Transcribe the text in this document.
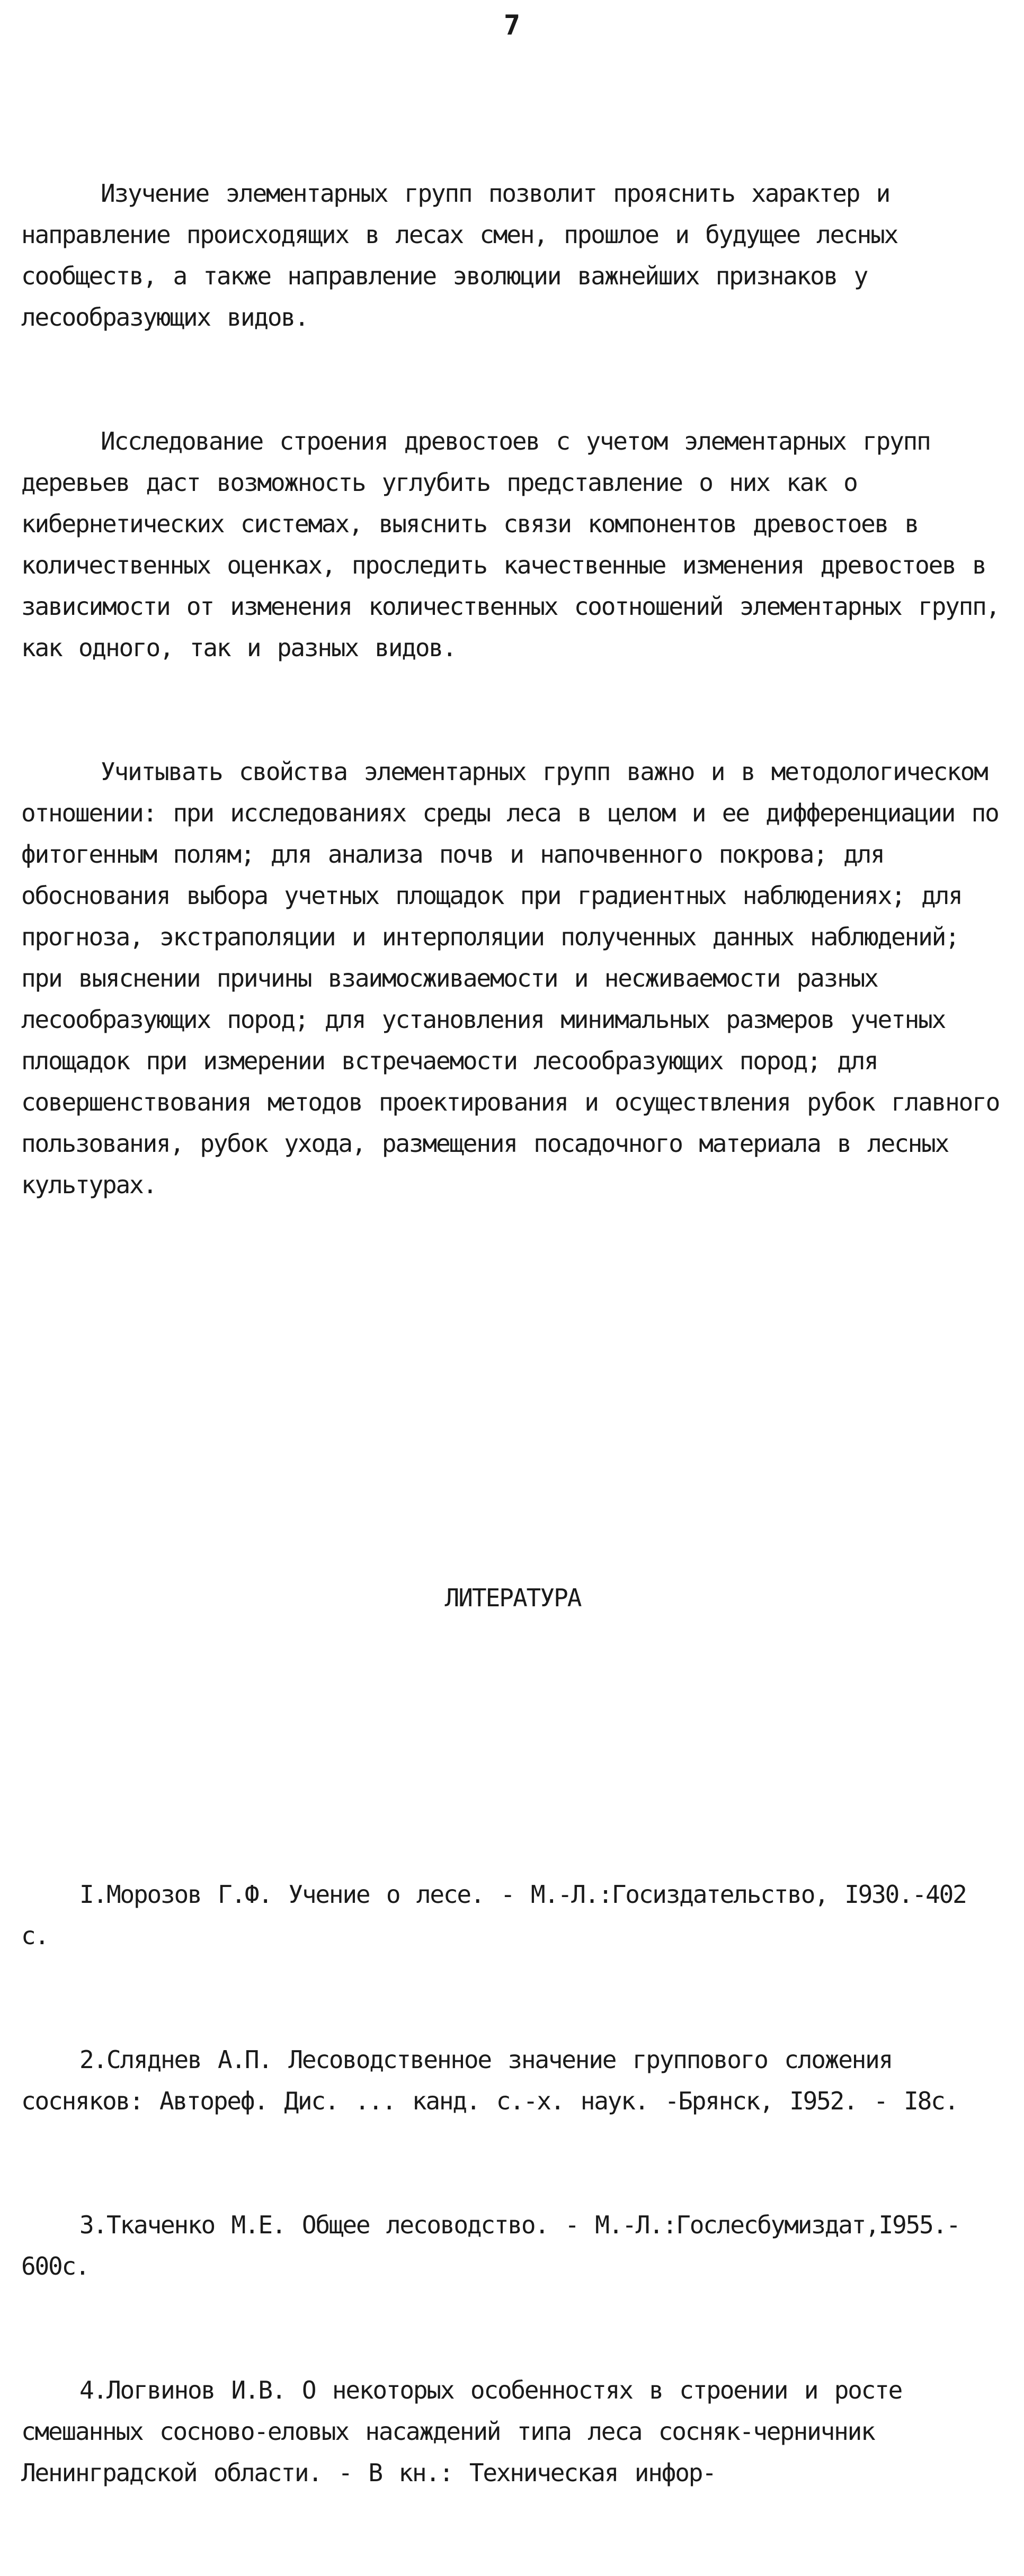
7

Изучение элементарных групп позволит прояснить характер и направление происходящих в лесах смен, прошлое и будущее лесных сообществ, а также направление эволюции важнейших признаков у лесообразующих видов.

Исследование строения древостоев с учетом элементарных групп деревьев даст возможность углубить представление о них как о кибернетических системах, выяснить связи компонентов древостоев в количественных оценках, проследить качественные изменения древостоев в зависимости от изменения количественных соотношений элементарных групп, как одного, так и разных видов.

Учитывать свойства элементарных групп важно и в методологическом отношении: при исследованиях среды леса в целом и ее дифференциации по фитогенным полям; для анализа почв и напочвенного покрова; для обоснования выбора учетных площадок при градиентных наблюдениях; для прогноза, экстраполяции и интерполяции полученных данных наблюдений; при выяснении причины взаимосживаемости и несживаемости разных лесообразующих пород; для установления минимальных размеров учетных площадок при измерении встречаемости лесообразующих пород; для совершенствования методов проектирования и осуществления рубок главного пользования, рубок ухода, размещения посадочного материала в лесных культурах.

ЛИТЕРАТУРА

I.Морозов Г.Ф. Учение о лесе. - М.-Л.:Госиздательство, I930.-402 с.

2.Сляднев А.П. Лесоводственное значение группового сложения сосняков: Автореф. Дис. ... канд. с.-х. наук. -Брянск, I952. - I8с.

3.Ткаченко М.Е. Общее лесоводство. - М.-Л.:Гослесбумиздат,I955.- 600с.

4.Логвинов И.В. О некоторых особенностях в строении и росте смешанных сосново-еловых насаждений типа леса сосняк-черничник Ленинградской области. - В кн.: Техническая инфор-
